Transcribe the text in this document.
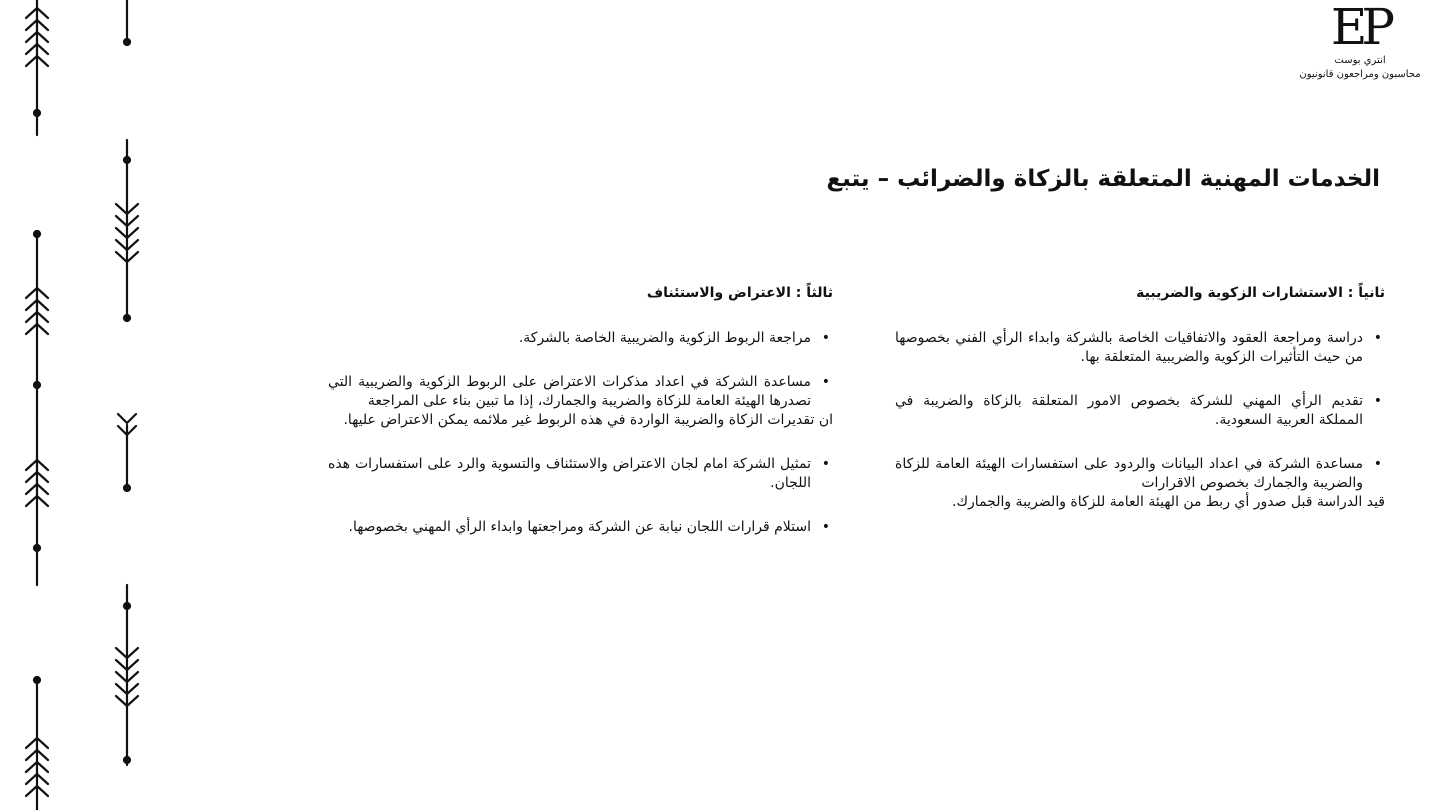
EP
انتري بوست
محاسبون ومراجعون قانونيون
الخدمات المهنية المتعلقة بالزكاة والضرائب – يتبع
ثانياً : الاستشارات الزكوية والضريبية
• دراسة ومراجعة العقود والاتفاقيات الخاصة بالشركة وابداء الرأي الفني بخصوصها من حيث التأثيرات الزكوية والضريبية المتعلقة بها.
• تقديم الرأي المهني للشركة بخصوص الامور المتعلقة بالزكاة والضريبة في المملكة العربية السعودية.
• مساعدة الشركة في اعداد البيانات والردود على استفسارات الهيئة العامة للزكاة والضريبة والجمارك بخصوص الاقرارات
قيد الدراسة قبل صدور أي ربط من الهيئة العامة للزكاة والضريبة والجمارك.
ثالثاً : الاعتراض والاستئناف
• مراجعة الربوط الزكوية والضريبية الخاصة بالشركة.
• مساعدة الشركة في اعداد مذكرات الاعتراض على الربوط الزكوية والضريبية التي تصدرها الهيئة العامة للزكاة والضريبة والجمارك، إذا ما تبين بناء على المراجعة
ان تقديرات الزكاة والضريبة الواردة في هذه الربوط غير ملائمه يمكن الاعتراض عليها.
• تمثيل الشركة امام لجان الاعتراض والاستئناف والتسوية والرد على استفسارات هذه اللجان.
• استلام قرارات اللجان نيابة عن الشركة ومراجعتها وابداء الرأي المهني بخصوصها.
